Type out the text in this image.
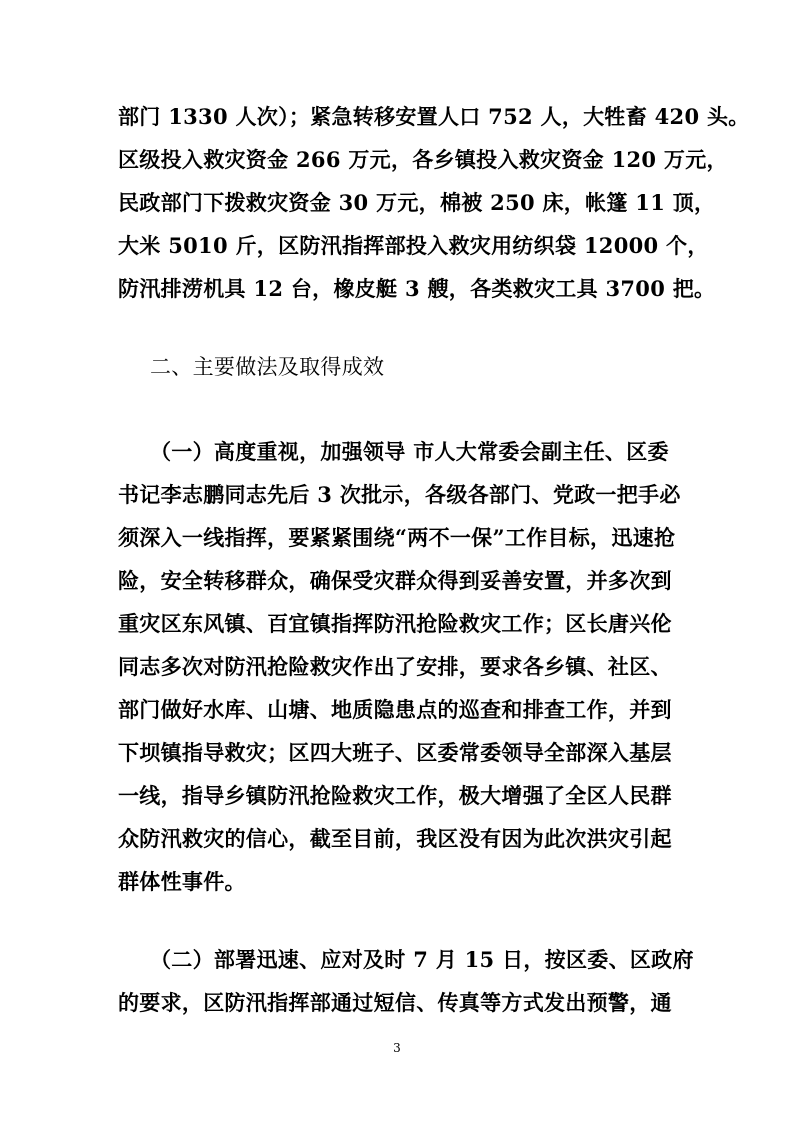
部门 1330 人次）；紧急转移安置人口 752 人，大牲畜 420 头。
区级投入救灾资金 266 万元，各乡镇投入救灾资金 120 万元，
民政部门下拨救灾资金 30 万元，棉被 250 床，帐篷 11 顶，
大米 5010 斤，区防汛指挥部投入救灾用纺织袋 12000 个，
防汛排涝机具 12 台，橡皮艇 3 艘，各类救灾工具 3700 把。
二、主要做法及取得成效
（一）高度重视，加强领导 市人大常委会副主任、区委
书记李志鹏同志先后 3 次批示，各级各部门、党政一把手必
须深入一线指挥，要紧紧围绕“两不一保”工作目标，迅速抢
险，安全转移群众，确保受灾群众得到妥善安置，并多次到
重灾区东风镇、百宜镇指挥防汛抢险救灾工作；区长唐兴伦
同志多次对防汛抢险救灾作出了安排，要求各乡镇、社区、
部门做好水库、山塘、地质隐患点的巡查和排查工作，并到
下坝镇指导救灾；区四大班子、区委常委领导全部深入基层
一线，指导乡镇防汛抢险救灾工作，极大增强了全区人民群
众防汛救灾的信心，截至目前，我区没有因为此次洪灾引起
群体性事件。
（二）部署迅速、应对及时 7 月 15 日，按区委、区政府
的要求，区防汛指挥部通过短信、传真等方式发出预警，通
3
